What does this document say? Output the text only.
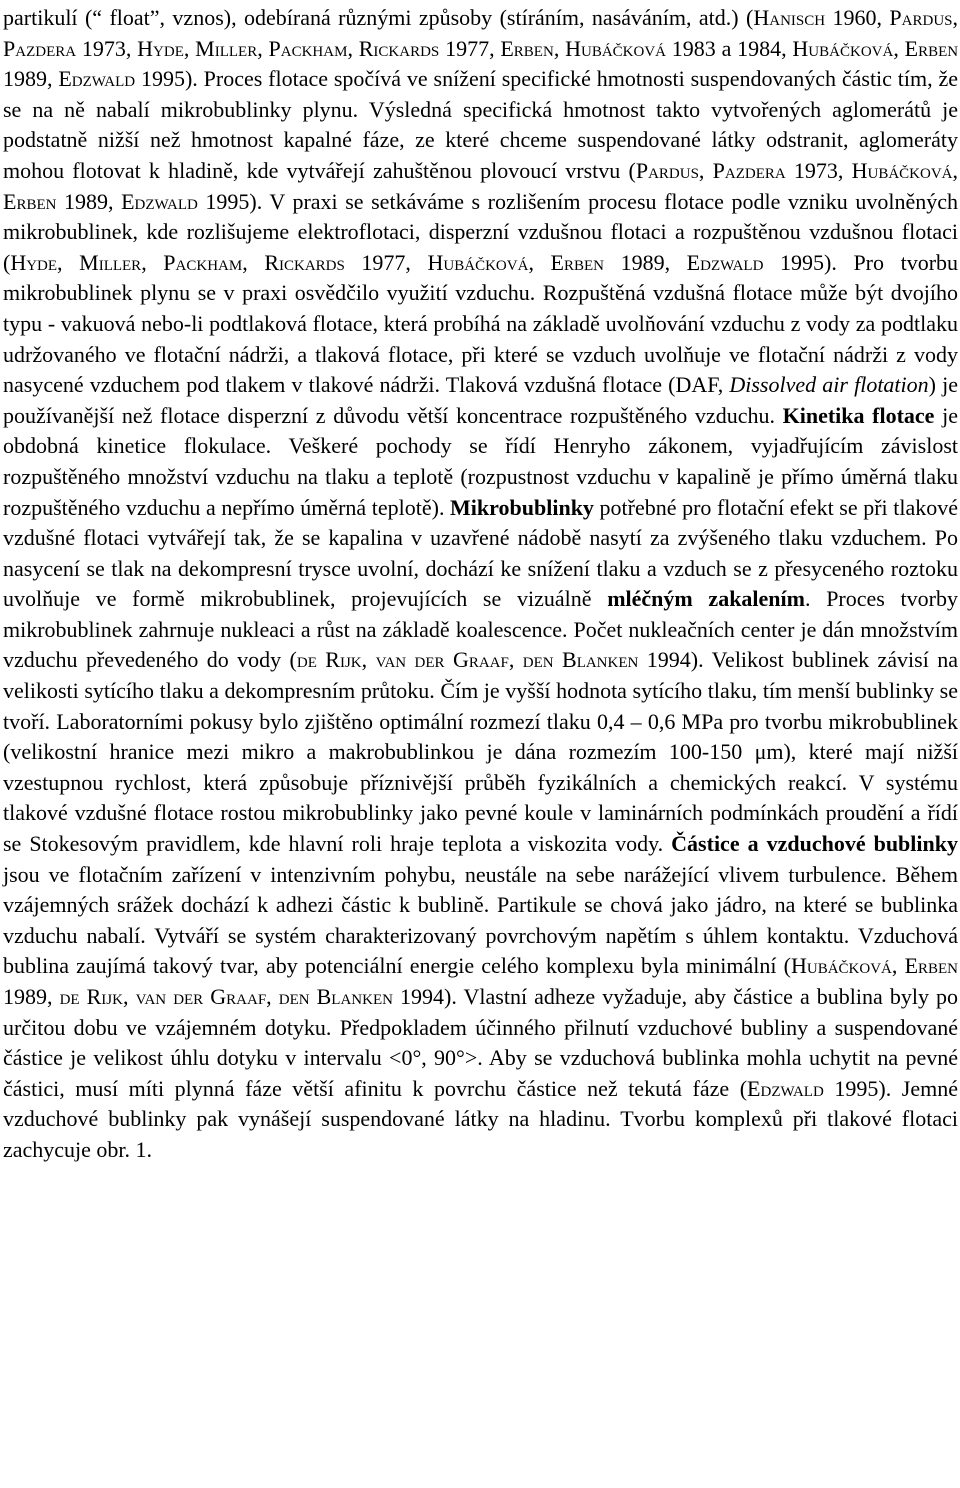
partikulí (“ float”, vznos), odebíraná různými způsoby (stíráním, nasáváním, atd.) (Hanisch 1960, Pardus, Pazdera 1973, Hyde, Miller, Packham, Rickards 1977, Erben, Hubáčková 1983 a 1984, Hubáčková, Erben 1989, Edzwald 1995). Proces flotace spočívá ve snížení specifické hmotnosti suspendovaných částic tím, že se na ně nabalí mikrobublinky plynu. Výsledná specifická hmotnost takto vytvořených aglomerátů je podstatně nižší než hmotnost kapalné fáze, ze které chceme suspendované látky odstranit, aglomeráty mohou flotovat k hladině, kde vytvářejí zahuštěnou plovoucí vrstvu (Pardus, Pazdera 1973, Hubáčková, Erben 1989, Edzwald 1995). V praxi se setkáváme s rozlišením procesu flotace podle vzniku uvolněných mikrobublinek, kde rozlišujeme elektroflotaci, disperzní vzdušnou flotaci a rozpuštěnou vzdušnou flotaci (Hyde, Miller, Packham, Rickards 1977, Hubáčková, Erben 1989, Edzwald 1995). Pro tvorbu mikrobublinek plynu se v praxi osvědčilo využití vzduchu. Rozpuštěná vzdušná flotace může být dvojího typu - vakuová nebo-li podtlaková flotace, která probíhá na základě uvolňování vzduchu z vody za podtlaku udržovaného ve flotační nádrži, a tlaková flotace, při které se vzduch uvolňuje ve flotační nádrži z vody nasycené vzduchem pod tlakem v tlakové nádrži. Tlaková vzdušná flotace (DAF, Dissolved air flotation) je používanější než flotace disperzní z důvodu větší koncentrace rozpuštěného vzduchu. Kinetika flotace je obdobná kinetice flokulace. Veškeré pochody se řídí Henryho zákonem, vyjadřujícím závislost rozpuštěného množství vzduchu na tlaku a teplotě (rozpustnost vzduchu v kapalině je přímo úměrná tlaku rozpuštěného vzduchu a nepřímo úměrná teplotě). Mikrobublinky potřebné pro flotační efekt se při tlakové vzdušné flotaci vytvářejí tak, že se kapalina v uzavřené nádobě nasytí za zvýšeného tlaku vzduchem. Po nasycení se tlak na dekompresní trysce uvolní, dochází ke snížení tlaku a vzduch se z přesyceného roztoku uvolňuje ve formě mikrobublinek, projevujících se vizuálně mléčným zakalením. Proces tvorby mikrobublinek zahrnuje nukleaci a růst na základě koalescence. Počet nukleačních center je dán množstvím vzduchu převedeného do vody (de Rijk, van der Graaf, den Blanken 1994). Velikost bublinek závisí na velikosti sytícího tlaku a dekompresním průtoku. Čím je vyšší hodnota sytícího tlaku, tím menší bublinky se tvoří. Laboratorními pokusy bylo zjištěno optimální rozmezí tlaku 0,4 – 0,6 MPa pro tvorbu mikrobublinek (velikostní hranice mezi mikro a makrobublinkou je dána rozmezím 100-150 μm), které mají nižší vzestupnou rychlost, která způsobuje příznivější průběh fyzikálních a chemických reakcí. V systému tlakové vzdušné flotace rostou mikrobublinky jako pevné koule v laminárních podmínkách proudění a řídí se Stokesovým pravidlem, kde hlavní roli hraje teplota a viskozita vody. Částice a vzduchové bublinky jsou ve flotačním zařízení v intenzivním pohybu, neustále na sebe narážející vlivem turbulence. Během vzájemných srážek dochází k adhezi částic k bublině. Partikule se chová jako jádro, na které se bublinka vzduchu nabalí. Vytváří se systém charakterizovaný povrchovým napětím s úhlem kontaktu. Vzduchová bublina zaujímá takový tvar, aby potenciální energie celého komplexu byla minimální (Hubáčková, Erben 1989, de Rijk, van der Graaf, den Blanken 1994). Vlastní adheze vyžaduje, aby částice a bublina byly po určitou dobu ve vzájemném dotyku. Předpokladem účinného přilnutí vzduchové bubliny a suspendované částice je velikost úhlu dotyku v intervalu <0°, 90°>. Aby se vzduchová bublinka mohla uchytit na pevné částici, musí míti plynná fáze větší afinitu k povrchu částice než tekutá fáze (Edzwald 1995). Jemné vzduchové bublinky pak vynášejí suspendované látky na hladinu. Tvorbu komplexů při tlakové flotaci zachycuje obr. 1.
